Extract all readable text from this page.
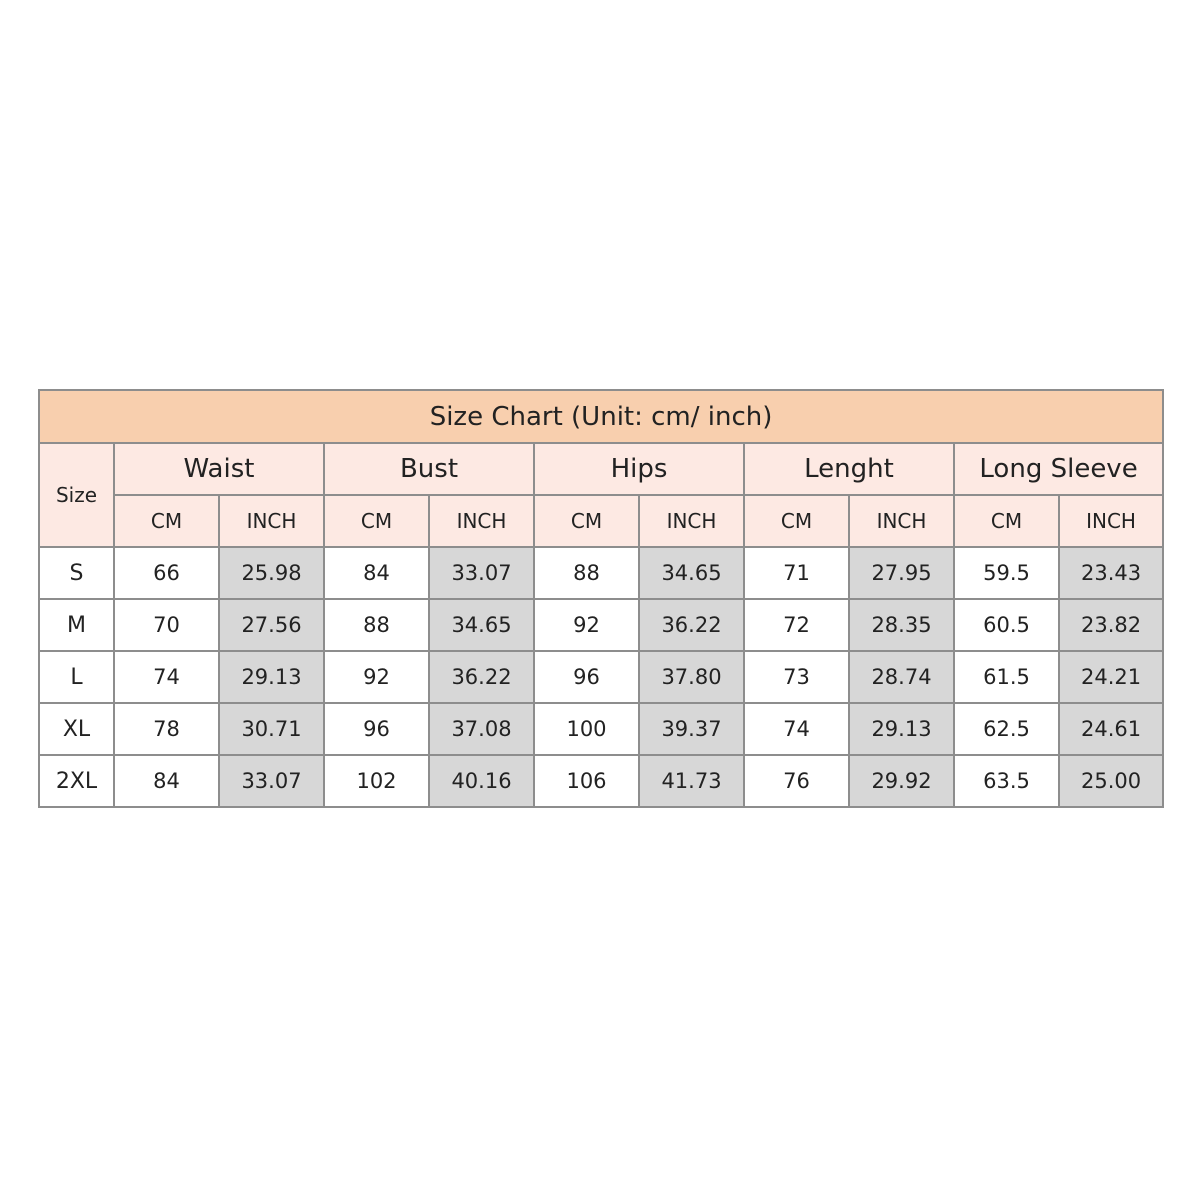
Size Chart (Unit: cm/ inch)										
Size	Waist		Bust		Hips		Lenght		Long Sleeve	
	CM	INCH	CM	INCH	CM	INCH	CM	INCH	CM	INCH
S	66	25.98	84	33.07	88	34.65	71	27.95	59.5	23.43
M	70	27.56	88	34.65	92	36.22	72	28.35	60.5	23.82
L	74	29.13	92	36.22	96	37.80	73	28.74	61.5	24.21
XL	78	30.71	96	37.08	100	39.37	74	29.13	62.5	24.61
2XL	84	33.07	102	40.16	106	41.73	76	29.92	63.5	25.00
